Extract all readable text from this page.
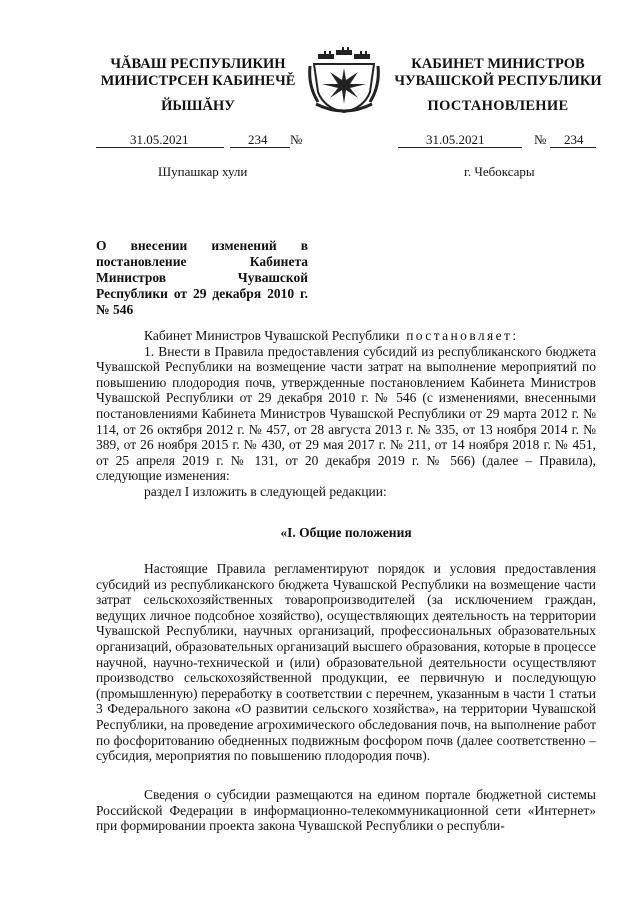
ЧĂВАШ РЕСПУБЛИКИН
МИНИСТРСЕН КАБИНЕЧĚ
КАБИНЕТ МИНИСТРОВ
ЧУВАШСКОЙ РЕСПУБЛИКИ
ЙЫШĂНУ	ПОСТАНОВЛЕНИЕ
31.05.2021	234 №	31.05.2021	№ 234
Шупашкар хули	г. Чебоксары
О внесении изменений в постановление Кабинета Министров Чувашской Республики от 29 декабря 2010 г. № 546

Кабинет Министров Чувашской Республики постановляет:

1. Внести в Правила предоставления субсидий из республиканского бюджета Чувашской Республики на возмещение части затрат на выполнение мероприятий по повышению плодородия почв, утвержденные постановлением Кабинета Министров Чувашской Республики от 29 декабря 2010 г. № 546 (с изменениями, внесенными постановлениями Кабинета Министров Чувашской Республики от 29 марта 2012 г. № 114, от 26 октября 2012 г. № 457, от 28 августа 2013 г. № 335, от 13 ноября 2014 г. № 389, от 26 ноября 2015 г. № 430, от 29 мая 2017 г. № 211, от 14 ноября 2018 г. № 451, от 25 апреля 2019 г. № 131, от 20 декабря 2019 г. № 566) (далее – Правила), следующие изменения:

раздел I изложить в следующей редакции:

«I. Общие положения

Настоящие Правила регламентируют порядок и условия предоставления субсидий из республиканского бюджета Чувашской Республики на возмещение части затрат сельскохозяйственных товаропроизводителей (за исключением граждан, ведущих личное подсобное хозяйство), осуществляющих деятельность на территории Чувашской Республики, научных организаций, профессиональных образовательных организаций, образовательных организаций высшего образования, которые в процессе научной, научно-технической и (или) образовательной деятельности осуществляют производство сельскохозяйственной продукции, ее первичную и последующую (промышленную) переработку в соответствии с перечнем, указанным в части 1 статьи 3 Федерального закона «О развитии сельского хозяйства», на территории Чувашской Республики, на проведение агрохимического обследования почв, на выполнение работ по фосфоритованию обедненных подвижным фосфором почв (далее соответственно – субсидия, мероприятия по повышению плодородия почв).

Сведения о субсидии размещаются на едином портале бюджетной системы Российской Федерации в информационно-телекоммуникационной сети «Интернет» при формировании проекта закона Чувашской Республики о республи-
